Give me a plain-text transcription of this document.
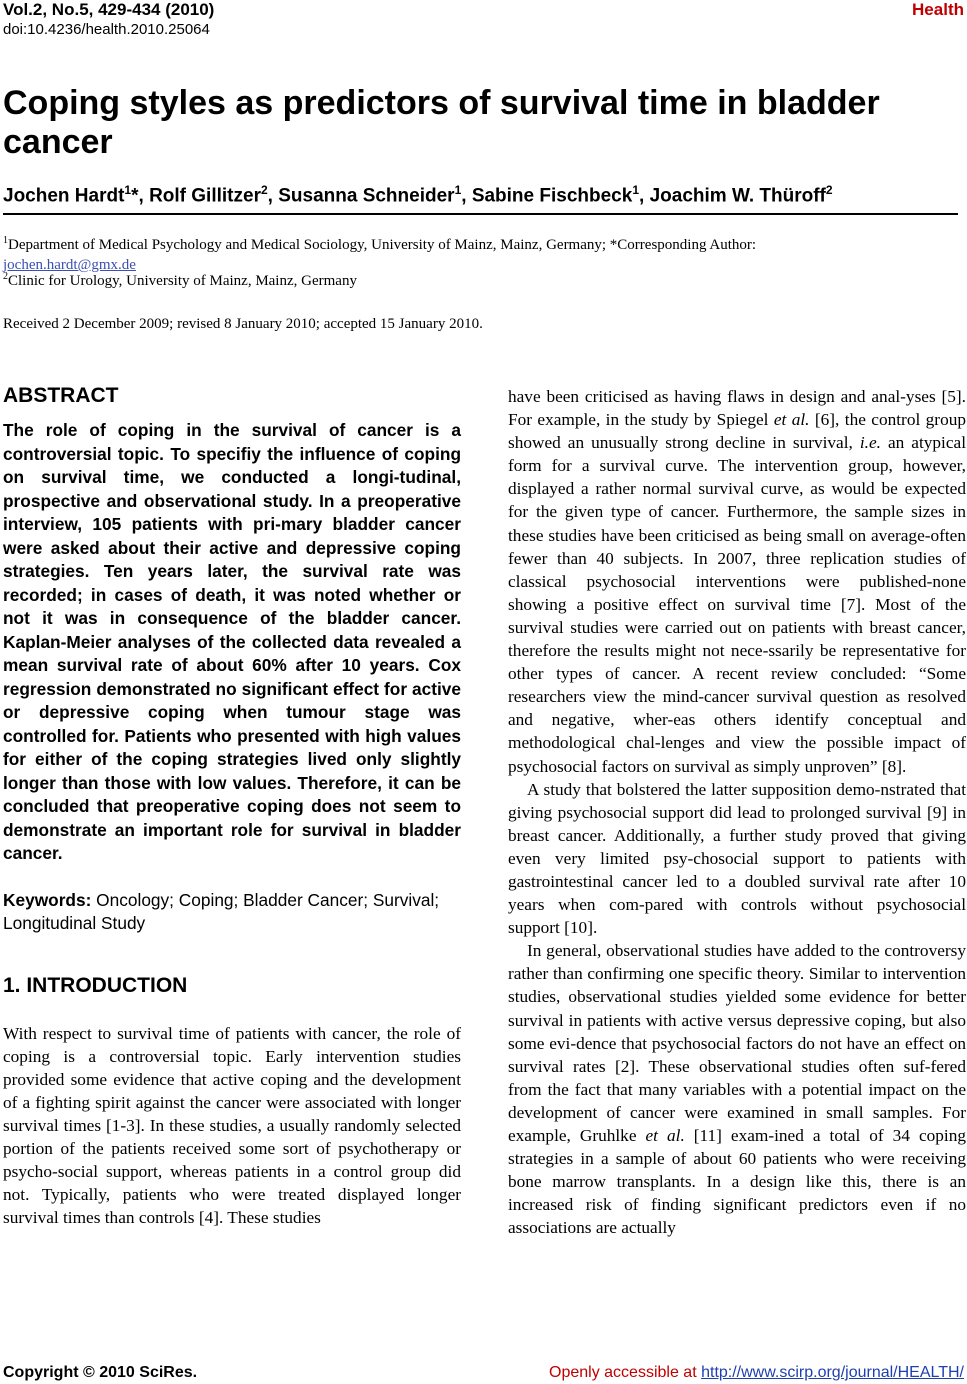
Vol.2, No.5, 429-434 (2010)
doi:10.4236/health.2010.25064
Health
Coping styles as predictors of survival time in bladder cancer
Jochen Hardt$^1$*, Rolf Gillitzer$^2$, Susanna Schneider$^1$, Sabine Fischbeck$^1$, Joachim W. Thüroff$^2$
$^1$Department of Medical Psychology and Medical Sociology, University of Mainz, Mainz, Germany; *Corresponding Author:
jochen.hardt@gmx.de
$^2$Clinic for Urology, University of Mainz, Mainz, Germany
Received 2 December 2009; revised 8 January 2010; accepted 15 January 2010.
ABSTRACT

The role of coping in the survival of cancer is a controversial topic. To specifiy the influence of coping on survival time, we conducted a longi-tudinal, prospective and observational study. In a preoperative interview, 105 patients with pri-mary bladder cancer were asked about their active and depressive coping strategies. Ten years later, the survival rate was recorded; in cases of death, it was noted whether or not it was in consequence of the bladder cancer. Kaplan-Meier analyses of the collected data revealed a mean survival rate of about 60% after 10 years. Cox regression demonstrated no significant effect for active or depressive coping when tumour stage was controlled for. Patients who presented with high values for either of the coping strategies lived only slightly longer than those with low values. Therefore, it can be concluded that preoperative coping does not seem to demonstrate an important role for survival in bladder cancer.

Keywords: Oncology; Coping; Bladder Cancer; Survival; Longitudinal Study

1. INTRODUCTION

With respect to survival time of patients with cancer, the role of coping is a controversial topic. Early intervention studies provided some evidence that active coping and the development of a fighting spirit against the cancer were associated with longer survival times [1-3]. In these studies, a usually randomly selected portion of the patients received some sort of psychotherapy or psycho-social support, whereas patients in a control group did not. Typically, patients who were treated displayed longer survival times than controls [4]. These studies

have been criticised as having flaws in design and anal-yses [5]. For example, in the study by Spiegel et al. [6], the control group showed an unusually strong decline in survival, i.e. an atypical form for a survival curve. The intervention group, however, displayed a rather normal survival curve, as would be expected for the given type of cancer. Furthermore, the sample sizes in these studies have been criticised as being small on average-often fewer than 40 subjects. In 2007, three replication studies of classical psychosocial interventions were published-none showing a positive effect on survival time [7]. Most of the survival studies were carried out on patients with breast cancer, therefore the results might not nece-ssarily be representative for other types of cancer. A recent review concluded: “Some researchers view the mind-cancer survival question as resolved and negative, wher-eas others identify conceptual and methodological chal-lenges and view the possible impact of psychosocial factors on survival as simply unproven” [8].

A study that bolstered the latter supposition demo-nstrated that giving psychosocial support did lead to prolonged survival [9] in breast cancer. Additionally, a further study proved that giving even very limited psy-chosocial support to patients with gastrointestinal cancer led to a doubled survival rate after 10 years when com-pared with controls without psychosocial support [10].

In general, observational studies have added to the controversy rather than confirming one specific theory. Similar to intervention studies, observational studies yielded some evidence for better survival in patients with active versus depressive coping, but also some evi-dence that psychosocial factors do not have an effect on survival rates [2]. These observational studies often suf-fered from the fact that many variables with a potential impact on the development of cancer were examined in small samples. For example, Gruhlke et al. [11] exam-ined a total of 34 coping strategies in a sample of about 60 patients who were receiving bone marrow transplants. In a design like this, there is an increased risk of finding significant predictors even if no associations are actually

Copyright © 2010 SciRes.	Openly accessible at http://www.scirp.org/journal/HEALTH/
